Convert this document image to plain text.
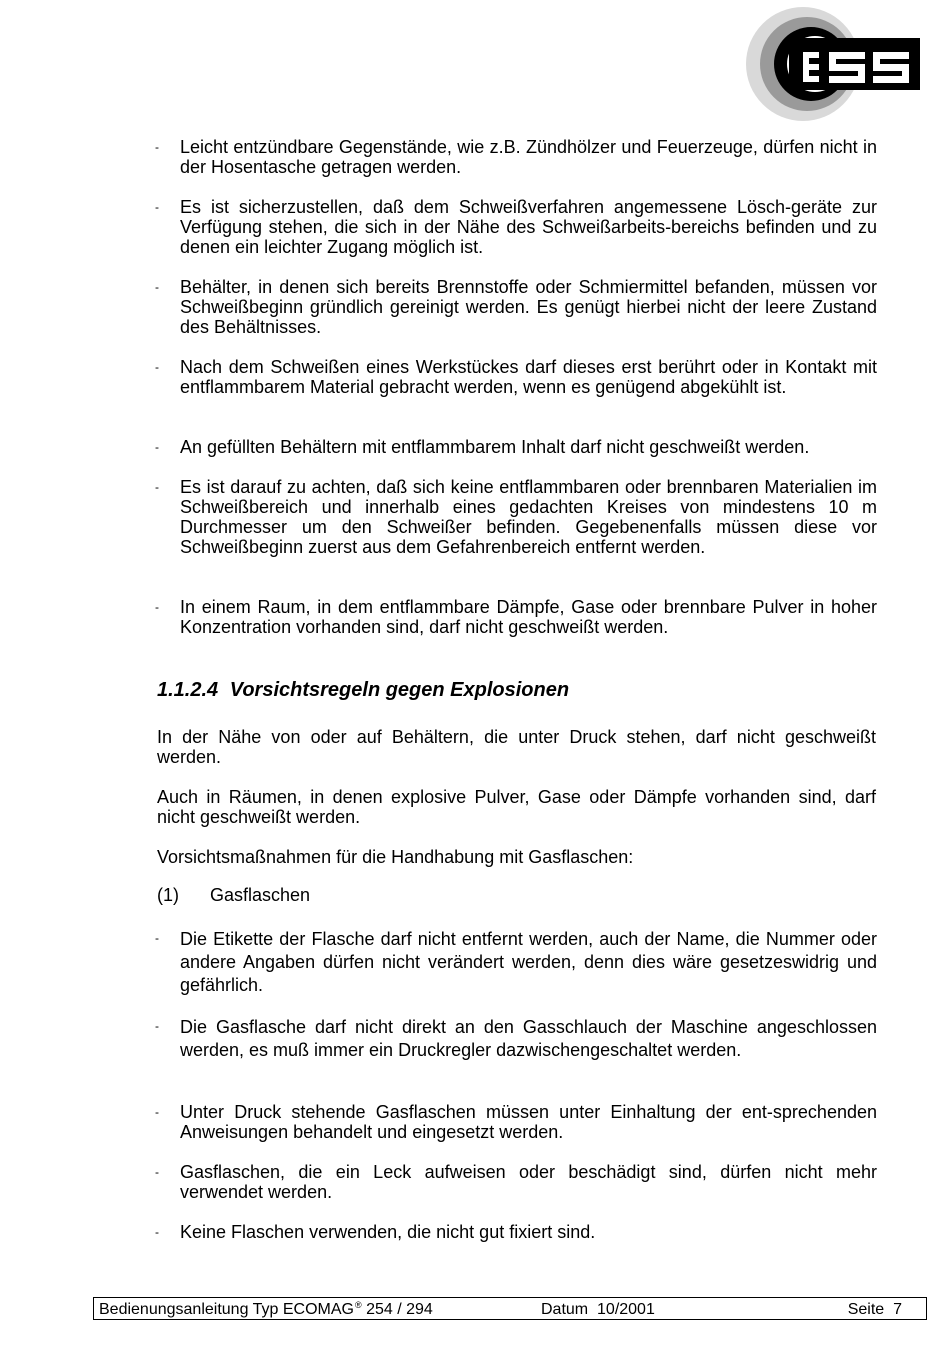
-	Leicht entzündbare Gegenstände, wie z.B. Zündhölzer und Feuerzeuge, dürfen nicht in der Hosentasche getragen werden.
-	Es ist sicherzustellen, daß dem Schweißverfahren angemessene Lösch-geräte zur Verfügung stehen, die sich in der Nähe des Schweißarbeits-bereichs befinden und zu denen ein leichter Zugang möglich ist.
-	Behälter, in denen sich bereits Brennstoffe oder Schmiermittel befanden, müssen vor Schweißbeginn gründlich gereinigt werden. Es genügt hierbei nicht der leere Zustand des Behältnisses.
-	Nach dem Schweißen eines Werkstückes darf dieses erst berührt oder in Kontakt mit entflammbarem Material gebracht werden, wenn es genügend abgekühlt ist.
-	An gefüllten Behältern mit entflammbarem Inhalt darf nicht geschweißt werden.
-	Es ist darauf zu achten, daß sich keine entflammbaren oder brennbaren Materialien im Schweißbereich und innerhalb eines gedachten Kreises von mindestens 10 m Durchmesser um den Schweißer befinden. Gegebenenfalls müssen diese vor Schweißbeginn zuerst aus dem Gefahrenbereich entfernt werden.
-	In einem Raum, in dem entflammbare Dämpfe, Gase oder brennbare Pulver in hoher Konzentration vorhanden sind, darf nicht geschweißt werden.
1.1.2.4 Vorsichtsregeln gegen Explosionen
In der Nähe von oder auf Behältern, die unter Druck stehen, darf nicht geschweißt werden.
Auch in Räumen, in denen explosive Pulver, Gase oder Dämpfe vorhanden sind, darf nicht geschweißt werden.
Vorsichtsmaßnahmen für die Handhabung mit Gasflaschen:
(1) Gasflaschen
-	Die Etikette der Flasche darf nicht entfernt werden, auch der Name, die Nummer oder andere Angaben dürfen nicht verändert werden, denn dies wäre gesetzeswidrig und gefährlich.
-	Die Gasflasche darf nicht direkt an den Gasschlauch der Maschine angeschlossen werden, es muß immer ein Druckregler dazwischengeschaltet werden.
-	Unter Druck stehende Gasflaschen müssen unter Einhaltung der ent-sprechenden Anweisungen behandelt und eingesetzt werden.
-	Gasflaschen, die ein Leck aufweisen oder beschädigt sind, dürfen nicht mehr verwendet werden.
-	Keine Flaschen verwenden, die nicht gut fixiert sind.
Bedienungsanleitung Typ ECOMAG® 254 / 294	Datum  10/2001	Seite  7
